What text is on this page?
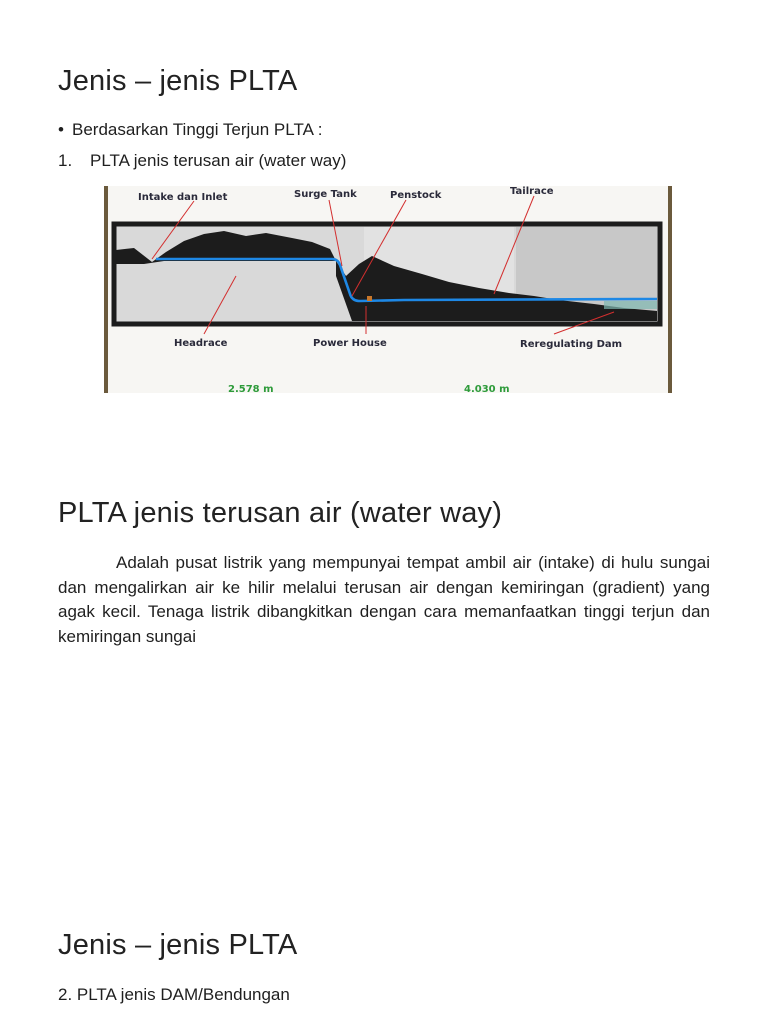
Jenis – jenis PLTA
• Berdasarkan Tinggi Terjun PLTA :
1. PLTA jenis terusan air (water way)
Intake dan Inlet	Surge Tank	Penstock	Tailrace
Headrace	Power House	Reregulating Dam
2.578 m	4.030 m
PLTA jenis terusan air (water way)

Adalah pusat listrik yang mempunyai tempat ambil air (intake) di hulu sungai dan mengalirkan air ke hilir melalui terusan air dengan kemiringan (gradient) yang agak kecil. Tenaga listrik dibangkitkan dengan cara memanfaatkan tinggi terjun dan kemiringan sungai

Jenis – jenis PLTA
2. PLTA jenis DAM/Bendungan
